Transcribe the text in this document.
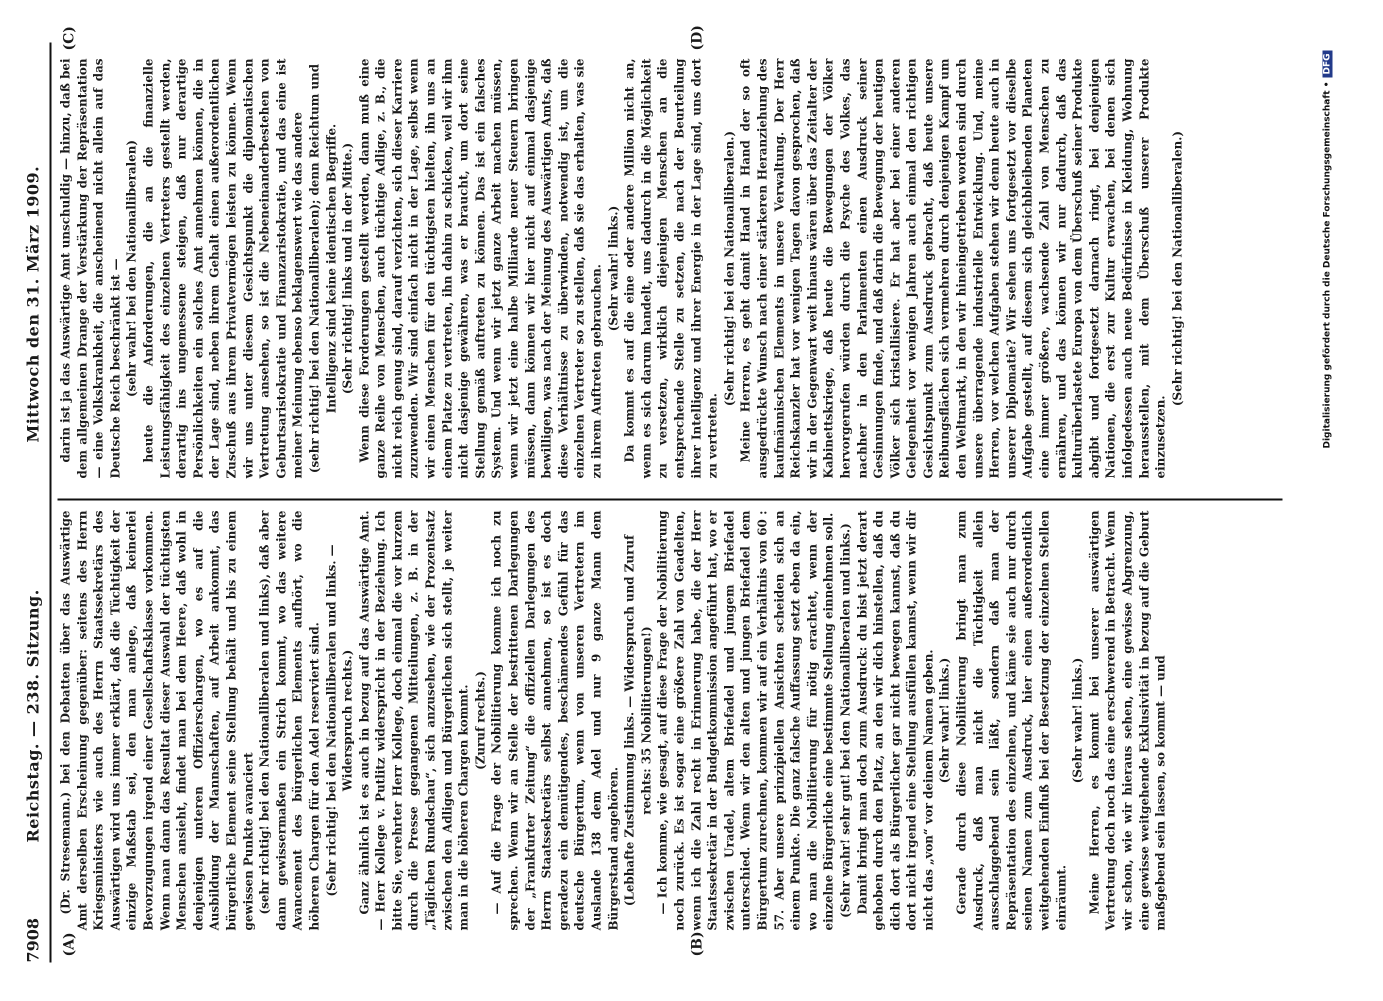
7908
Reichstag. — 238. Sitzung.
Mittwoch den 31. März 1909.
(A)	(B)
(C)	(D)

(Dr. Stresemann.) bei den Debatten über das Auswärtige Amt derselben Erscheinung gegenüber: seitens des Herrn Kriegsministers wie auch des Herrn Staatssekretärs des Auswärtigen wird uns immer erklärt, daß die Tüchtigkeit der einzige Maßstab sei, den man anlege, daß keinerlei Bevorzugungen irgend einer Gesellschaftsklasse vorkommen. Wenn man dann das Resultat dieser Auswahl der tüchtigsten Menschen ansieht, findet man bei dem Heere, daß wohl in denjenigen unteren Offizierschargen, wo es auf die Ausbildung der Mannschaften, auf Arbeit ankommt, das bürgerliche Element seine Stellung behält und bis zu einem gewissen Punkte avanciert (sehr richtig! bei den Nationalliberalen und links), daß aber dann gewissermaßen ein Strich kommt, wo das weitere Avancement des bürgerlichen Elements aufhört, wo die höheren Chargen für den Adel reserviert sind. (Sehr richtig! bei den Nationalliberalen und links. — Widerspruch rechts.) Ganz ähnlich ist es auch in bezug auf das Auswärtige Amt. — Herr Kollege v. Putlitz widerspricht in der Beziehung. Ich bitte Sie, verehrter Herr Kollege, doch einmal die vor kurzem durch die Presse gegangenen Mitteilungen, z. B. in der „Täglichen Rundschau“, sich anzusehen, wie der Prozentsatz zwischen den Adligen und Bürgerlichen sich stellt, je weiter man in die höheren Chargen kommt. (Zuruf rechts.) — Auf die Frage der Nobilitierung komme ich noch zu sprechen. Wenn wir an Stelle der bestrittenen Darlegungen der „Frankfurter Zeitung“ die offiziellen Darlegungen des Herrn Staatssekretärs selbst annehmen, so ist es doch geradezu ein demütigendes, beschämendes Gefühl für das deutsche Bürgertum, wenn von unseren Vertretern im Auslande 138 dem Adel und nur 9 ganze Mann dem Bürgerstand angehören. (Lebhafte Zustimmung links. — Widerspruch und Zuruf rechts: 35 Nobilitierungen!) — Ich komme, wie gesagt, auf diese Frage der Nobilitierung noch zurück. Es ist sogar eine größere Zahl von Geadelten, wenn ich die Zahl recht in Erinnerung habe, die der Herr Staatssekretär in der Budgetkommission angeführt hat, wo er zwischen Uradel, altem Briefadel und jungem Briefadel unterschied. Wenn wir den alten und jungen Briefadel dem Bürgertum zurechnen, kommen wir auf ein Verhältnis von 60 : 57. Aber unsere prinzipiellen Ansichten scheiden sich an einem Punkte. Die ganz falsche Auffassung setzt eben da ein, wo man die Nobilitierung für nötig erachtet, wenn der einzelne Bürgerliche eine bestimmte Stellung einnehmen soll. (Sehr wahr! sehr gut! bei den Nationalliberalen und links.) Damit bringt man doch zum Ausdruck: du bist jetzt derart gehoben durch den Platz, an den wir dich hinstellen, daß du dich dort als Bürgerlicher gar nicht bewegen kannst, daß du dort nicht irgend eine Stellung ausfüllen kannst, wenn wir dir nicht das „von“ vor deinem Namen geben. (Sehr wahr! links.) Gerade durch diese Nobilitierung bringt man zum Ausdruck, daß man nicht die Tüchtigkeit allein ausschlaggebend sein läßt, sondern daß man der Repräsentation des einzelnen, und käme sie auch nur durch seinen Namen zum Ausdruck, hier einen außerordentlich weitgehenden Einfluß bei der Besetzung der einzelnen Stellen einräumt.

(Sehr wahr! links.) Meine Herren, es kommt bei unserer auswärtigen Vertretung doch noch das eine erschwerend in Betracht. Wenn wir schon, wie wir hieraus sehen, eine gewisse Abgrenzung, eine gewisse weitgehende Exklusivität in bezug auf die Geburt maßgebend sein lassen, so kommt — und

darin ist ja das Auswärtige Amt unschuldig — hinzu, daß bei dem allgemeinen Drange der Verstärkung der Repräsentation — eine Volkskrankheit, die anscheinend nicht allein auf das Deutsche Reich beschränkt ist — (sehr wahr! bei den Nationalliberalen) heute die Anforderungen, die an die finanzielle Leistungsfähigkeit des einzelnen Vertreters gestellt werden, derartig ins ungemessene steigen, daß nur derartige Persönlichkeiten ein solches Amt annehmen können, die in der Lage sind, neben ihrem Gehalt einen außerordentlichen Zuschuß aus ihrem Privatvermögen leisten zu können. Wenn wir uns unter diesem Gesichtspunkt die diplomatischen Vertretung ansehen, so ist die Nebeneinanderbestehen von Geburtsaristokratie und Finanzaristokratie, und das eine ist meiner Meinung ebenso beklagenswert wie das andere (sehr richtig! bei den Nationalliberalen); denn Reichtum und Intelligenz sind keine identischen Begriffe. (Sehr richtig! links und in der Mitte.) Wenn diese Forderungen gestellt werden, dann muß eine ganze Reihe von Menschen, auch tüchtige Adlige, z. B., die nicht reich genug sind, darauf verzichten, sich dieser Karriere zuzuwenden. Wir sind einfach nicht in der Lage, selbst wenn wir einen Menschen für den tüchtigsten hielten, ihn uns an einem Platze zu vertreten, ihn dahin zu schicken, weil wir ihm nicht dasjenige gewähren, was er braucht, um dort seine Stellung gemäß auftreten zu können. Das ist ein falsches System. Und wenn wir jetzt ganze Arbeit machen müssen, wenn wir jetzt eine halbe Milliarde neuer Steuern bringen müssen, dann können wir hier nicht auf einmal dasjenige bewilligen, was nach der Meinung des Auswärtigen Amts, daß diese Verhältnisse zu überwinden, notwendig ist, um die einzelnen Vertreter so zu stellen, daß sie das erhalten, was sie zu ihrem Auftreten gebrauchen. (Sehr wahr! links.) Da kommt es auf die eine oder andere Million nicht an, wenn es sich darum handelt, uns dadurch in die Möglichkeit zu versetzen, wirklich diejenigen Menschen an die entsprechende Stelle zu setzen, die nach der Beurteilung ihrer Intelligenz und ihrer Energie in der Lage sind, uns dort zu vertreten.

(Sehr richtig! bei den Nationalliberalen.) Meine Herren, es geht damit Hand in Hand der so oft ausgedrückte Wunsch nach einer stärkeren Heranziehung des kaufmännischen Elements in unsere Verwaltung. Der Herr Reichskanzler hat vor wenigen Tagen davon gesprochen, daß wir in der Gegenwart weit hinaus wären über das Zeitalter der Kabinettskriege, daß heute die Bewegungen der Völker hervorgerufen würden durch die Psyche des Volkes, das nachher in den Parlamenten einen Ausdruck seiner Gesinnungen finde, und daß darin die Bewegung der heutigen Völker sich kristallisiere. Er hat aber bei einer anderen Gelegenheit vor wenigen Jahren auch einmal den richtigen Gesichtspunkt zum Ausdruck gebracht, daß heute unsere Reibungsflächen sich vermehren durch denjenigen Kampf um den Weltmarkt, in den wir hineingetrieben worden sind durch unsere überragende industrielle Entwicklung. Und, meine Herren, vor welchen Aufgaben stehen wir denn heute auch in unserer Diplomatie? Wir sehen uns fortgesetzt vor dieselbe Aufgabe gestellt, auf diesem sich gleichbleibenden Planeten eine immer größere, wachsende Zahl von Menschen zu ernähren, und das können wir nur dadurch, daß das kulturüberlastete Europa von dem Überschuß seiner Produkte abgibt und fortgesetzt darnach ringt, bei denjenigen Nationen, die erst zur Kultur erwachen, bei denen sich infolgedessen auch neue Bedürfnisse in Kleidung, Wohnung herausstellen, mit dem Überschuß unserer Produkte einzusetzen.

(Sehr richtig! bei den Nationalliberalen.)	Digitalisierung gefördert durch die Deutsche Forschungsgemeinschaft •DFG
